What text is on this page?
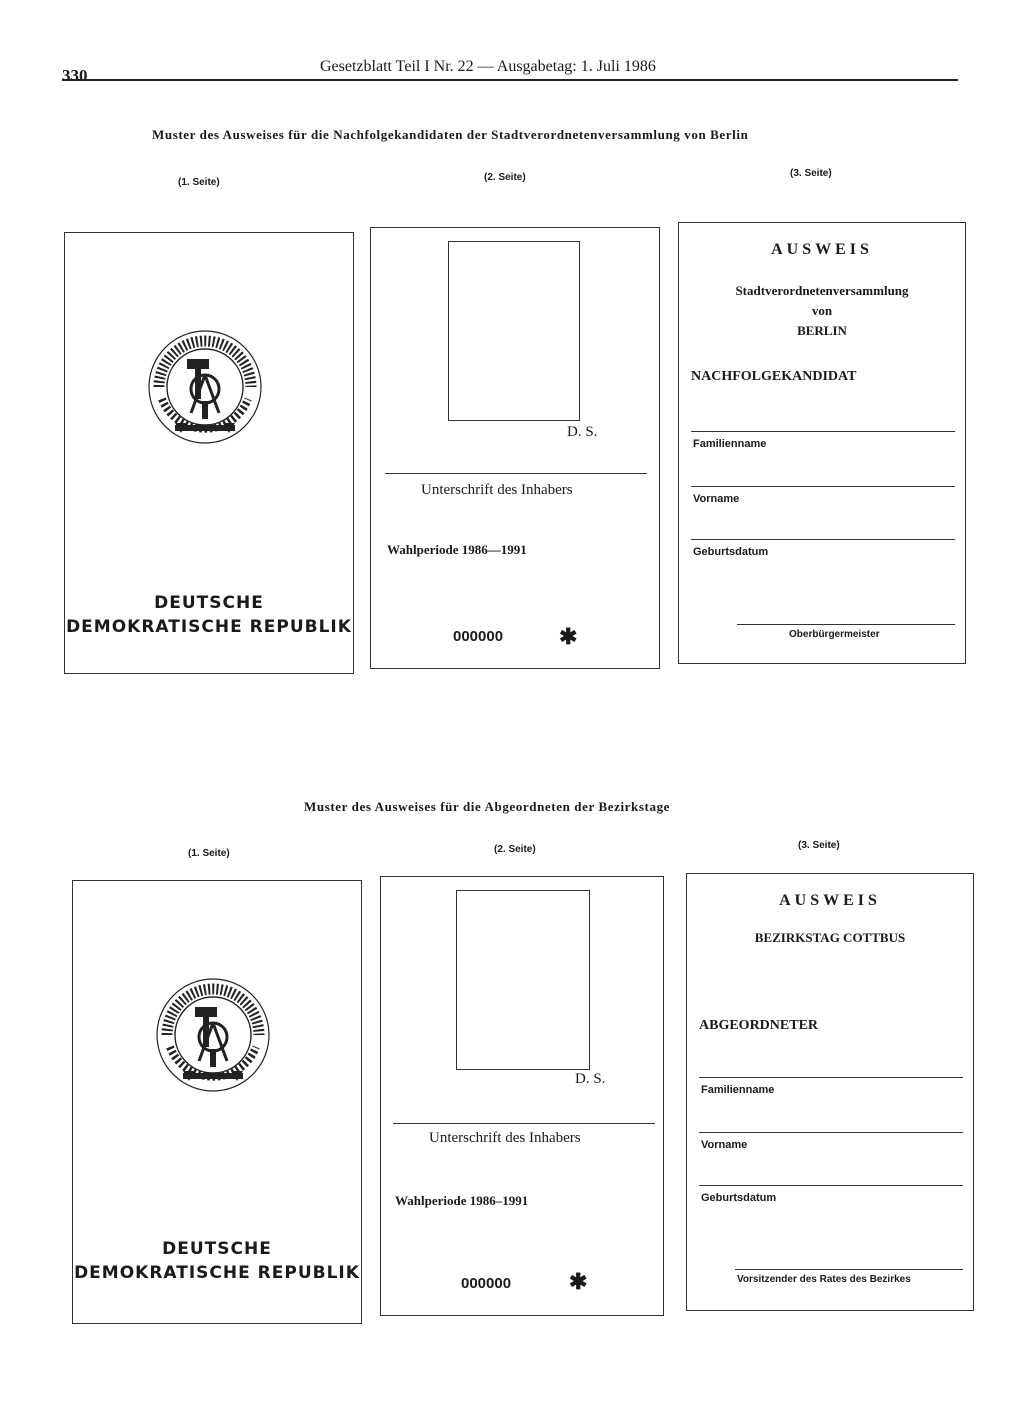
330	Gesetzblatt Teil I Nr. 22 — Ausgabetag: 1. Juli 1986
Muster des Ausweises für die Nachfolgekandidaten der Stadtverordnetenversammlung von Berlin
(1. Seite)	(2. Seite)	(3. Seite)
DEUTSCHE
DEMOKRATISCHE REPUBLIK
D. S.
Unterschrift des Inhabers
Wahlperiode 1986—1991
000000	✱
AUSWEIS
Stadtverordnetenversammlung
von
BERLIN
NACHFOLGEKANDIDAT
Familienname
Vorname
Geburtsdatum
Oberbürgermeister
Muster des Ausweises für die Abgeordneten der Bezirkstage
(1. Seite)	(2. Seite)	(3. Seite)
DEUTSCHE
DEMOKRATISCHE REPUBLIK
D. S.
Unterschrift des Inhabers
Wahlperiode 1986–1991
000000	✱
AUSWEIS
BEZIRKSTAG COTTBUS
ABGEORDNETER
Familienname
Vorname
Geburtsdatum
Vorsitzender des Rates des Bezirkes
